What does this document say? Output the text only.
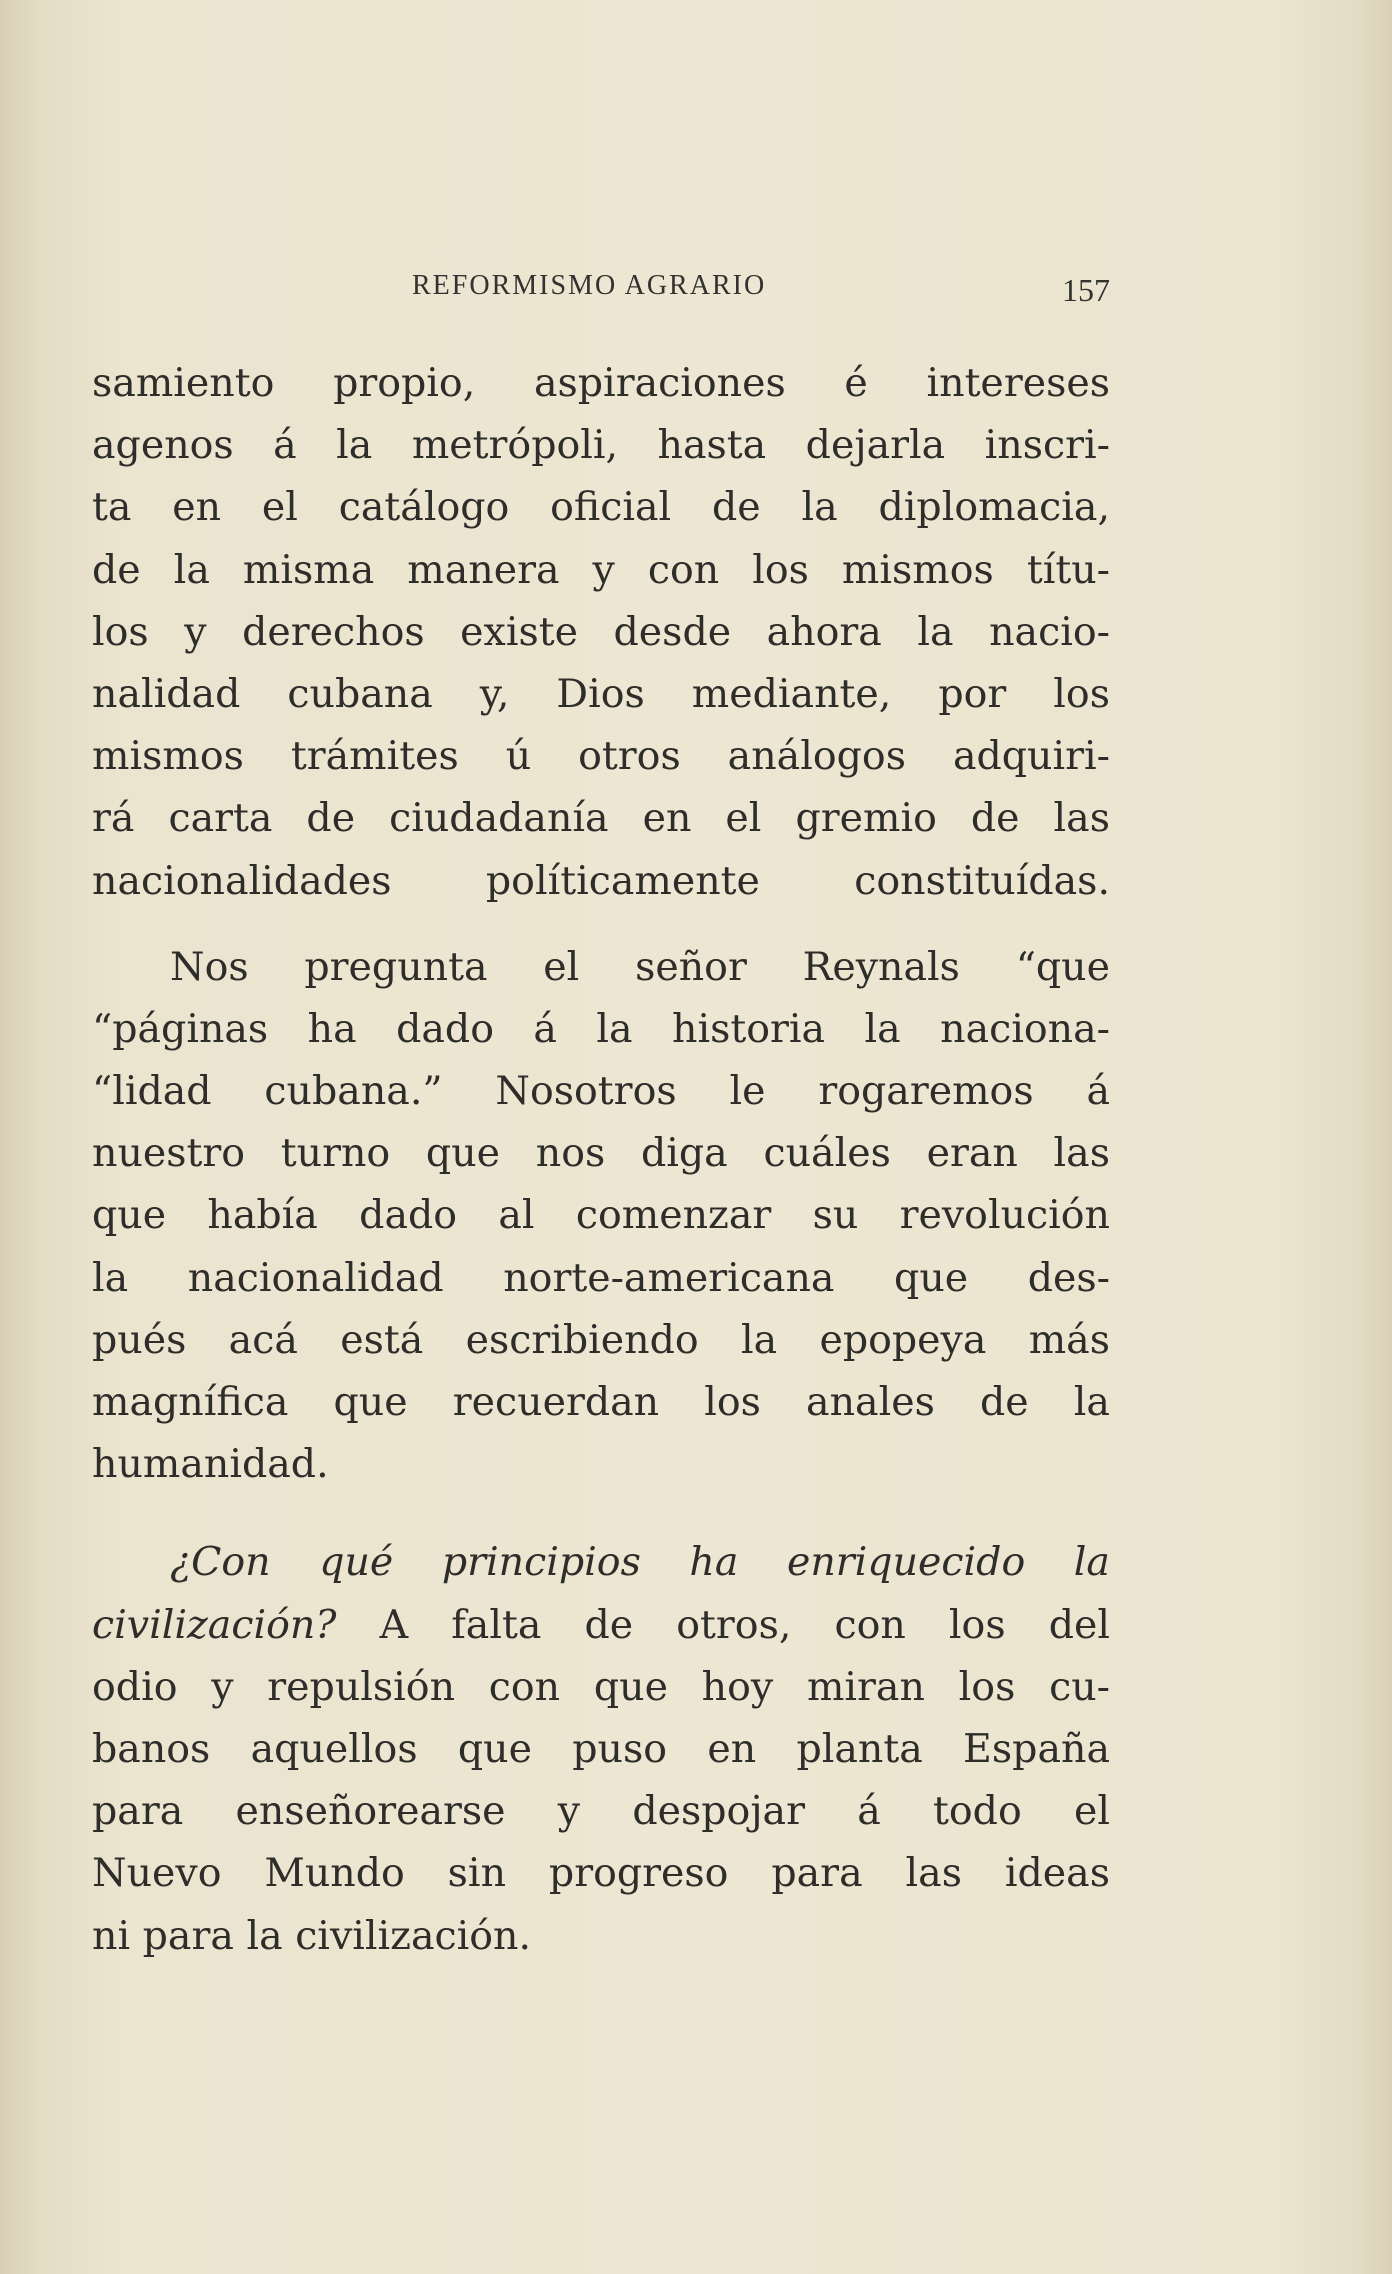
REFORMISMO AGRARIO	157
samiento propio, aspiraciones é intereses
agenos á la metrópoli, hasta dejarla inscri-
ta en el catálogo oficial de la diplomacia,
de la misma manera y con los mismos títu-
los y derechos existe desde ahora la nacio-
nalidad cubana y, Dios mediante, por los
mismos trámites ú otros análogos adquiri-
rá carta de ciudadanía en el gremio de las
nacionalidades políticamente constituídas.
Nos pregunta el señor Reynals “que
“páginas ha dado á la historia la naciona-
“lidad cubana.” Nosotros le rogaremos á
nuestro turno que nos diga cuáles eran las
que había dado al comenzar su revolución
la nacionalidad norte-americana que des-
pués acá está escribiendo la epopeya más
magnífica que recuerdan los anales de la
humanidad.
¿Con qué principios ha enriquecido la
civilización? A falta de otros, con los del
odio y repulsión con que hoy miran los cu-
banos aquellos que puso en planta España
para enseñorearse y despojar á todo el
Nuevo Mundo sin progreso para las ideas
ni para la civilización.
